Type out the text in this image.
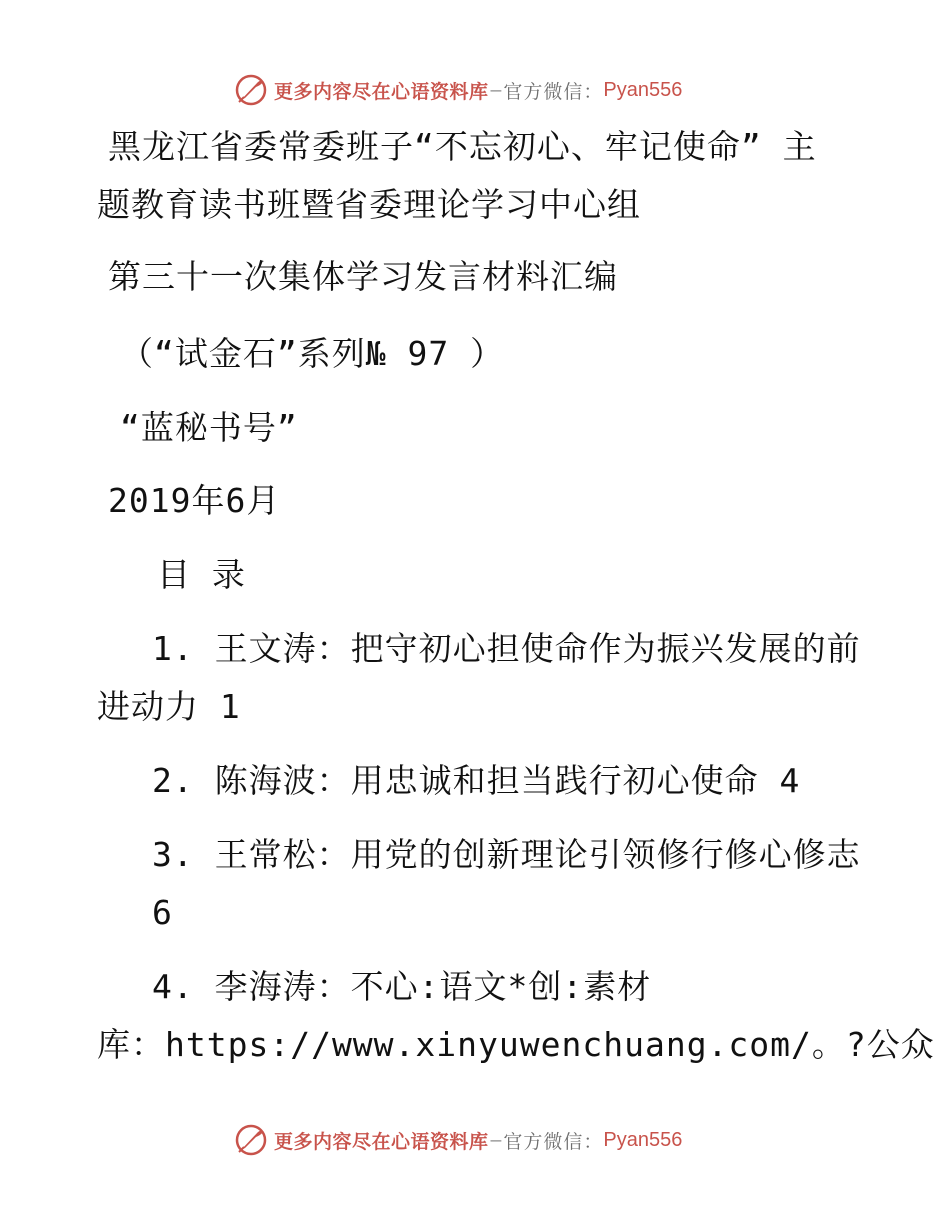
更多内容尽在心语资料库 — 官方微信： Pyan556
黑龙江省委常委班子“不忘初心、牢记使命” 主
题教育读书班暨省委理论学习中心组
第三十一次集体学习发言材料汇编
（“试金石”系列№ 97 ）
“蓝秘书号”
2019年6月
目 录
1. 王文涛：把守初心担使命作为振兴发展的前
进动力 1
2. 陈海波：用忠诚和担当践行初心使命 4
3. 王常松：用党的创新理论引领修行修心修志
6
4. 李海涛：不心:语文*创:素材
库：https://www.xinyuwenchuang.com/。?公众
更多内容尽在心语资料库 — 官方微信： Pyan556
